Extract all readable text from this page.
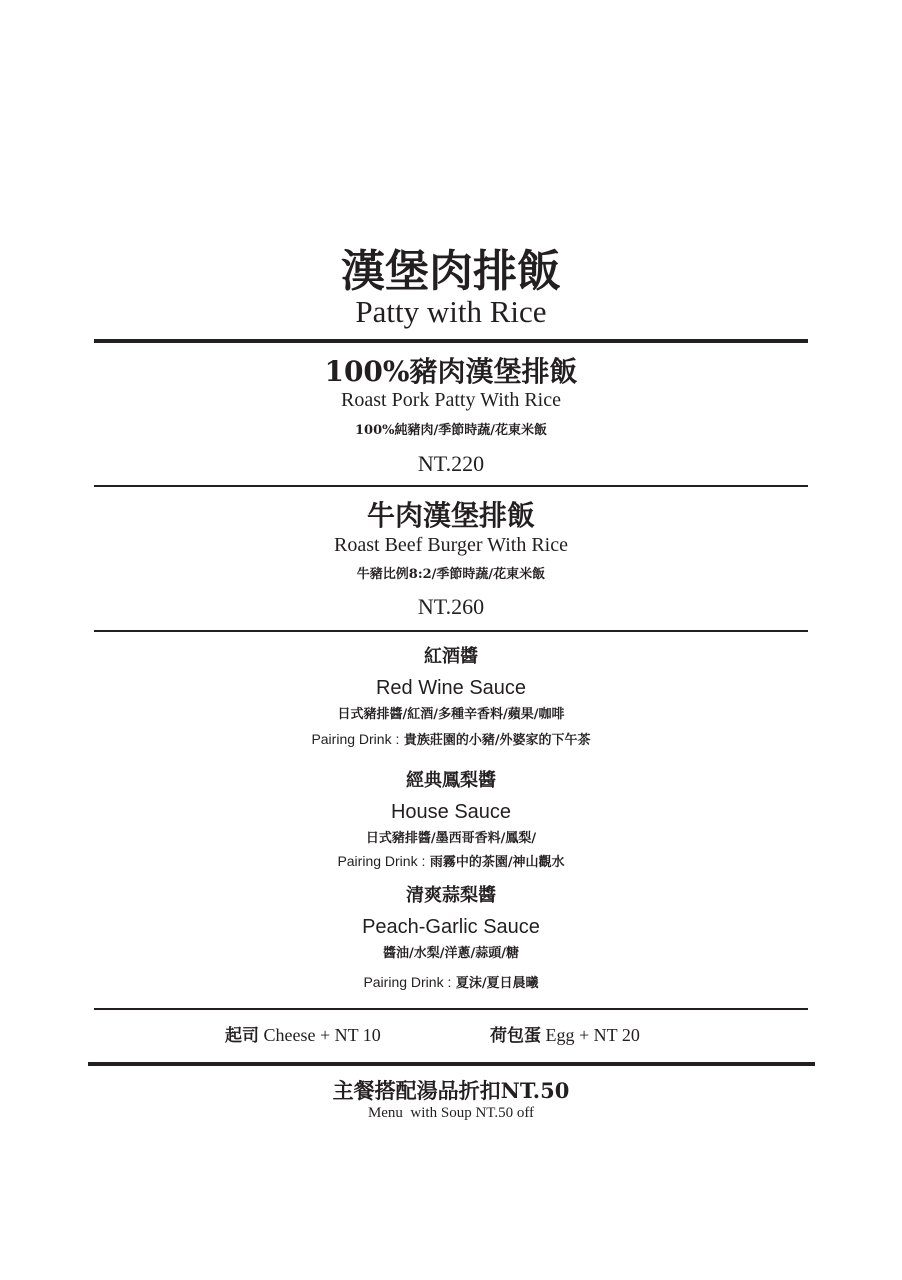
漢堡肉排飯
Patty with Rice
100%豬肉漢堡排飯
Roast Pork Patty With Rice
100%純豬肉/季節時蔬/花東米飯
NT.220
牛肉漢堡排飯
Roast Beef Burger With Rice
牛豬比例8:2/季節時蔬/花東米飯
NT.260
紅酒醬
Red Wine Sauce
日式豬排醬/紅酒/多種辛香料/蘋果/咖啡
Pairing Drink : 貴族莊園的小豬/外婆家的下午茶
經典鳳梨醬
House Sauce
日式豬排醬/墨西哥香料/鳳梨/
Pairing Drink : 雨霧中的茶園/神山觀水
清爽蒜梨醬
Peach-Garlic Sauce
醬油/水梨/洋蔥/蒜頭/糖
Pairing Drink : 夏沫/夏日晨曦
起司 Cheese + NT 10	荷包蛋 Egg + NT 20
主餐搭配湯品折扣NT.50
Menu  with Soup NT.50 off
